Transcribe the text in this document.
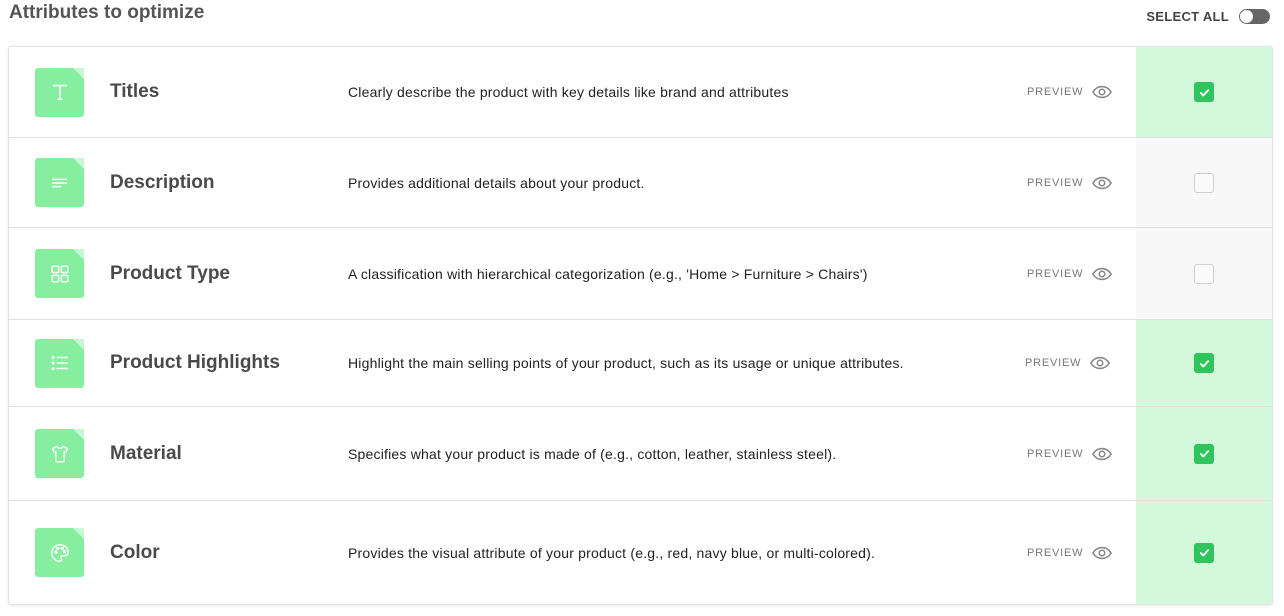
Attributes to optimize	SELECT ALL
Titles	Clearly describe the product with key details like brand and attributes	PREVIEW
Description	Provides additional details about your product.	PREVIEW
Product Type	A classification with hierarchical categorization (e.g., 'Home > Furniture > Chairs')	PREVIEW
Product Highlights	Highlight the main selling points of your product, such as its usage or unique attributes.	PREVIEW
Material	Specifies what your product is made of (e.g., cotton, leather, stainless steel).	PREVIEW
Color	Provides the visual attribute of your product (e.g., red, navy blue, or multi-colored).	PREVIEW
